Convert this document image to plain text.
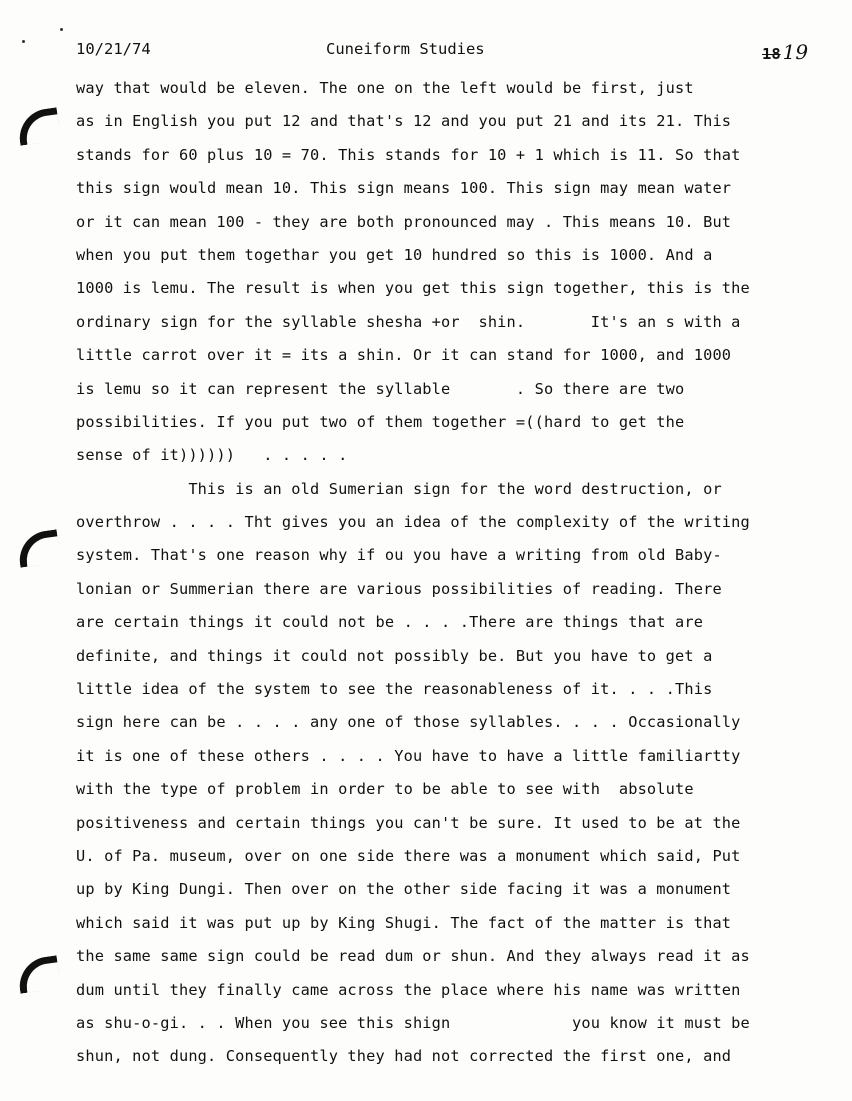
10/21/74	Cuneiform Studies	18 19
way that would be eleven. The one on the left would be first, just
as in English you put 12 and that's 12 and you put 21 and its 21. This
stands for 60 plus 10 = 70. This stands for 10 + 1 which is 11. So that
this sign would mean 10. This sign means 100. This sign may mean water
or it can mean 100 - they are both pronounced may . This means 10. But
when you put them togethar you get 10 hundred so this is 1000. And a
1000 is lemu. The result is when you get this sign together, this is the
ordinary sign for the syllable shesha +or  shin.       It's an s with a
little carrot over it = its a shin. Or it can stand for 1000, and 1000
is lemu so it can represent the syllable       . So there are two
possibilities. If you put two of them together =((hard to get the
sense of it))))))   . . . . .
This is an old Sumerian sign for the word destruction, or
overthrow . . . . Tht gives you an idea of the complexity of the writing
system. That's one reason why if ou you have a writing from old Baby-
lonian or Summerian there are various possibilities of reading. There
are certain things it could not be . . . .There are things that are
definite, and things it could not possibly be. But you have to get a
little idea of the system to see the reasonableness of it. . . .This
sign here can be . . . . any one of those syllables. . . . Occasionally
it is one of these others . . . . You have to have a little familiartty
with the type of problem in order to be able to see with  absolute
positiveness and certain things you can't be sure. It used to be at the
U. of Pa. museum, over on one side there was a monument which said, Put
up by King Dungi. Then over on the other side facing it was a monument
which said it was put up by King Shugi. The fact of the matter is that
the same same sign could be read dum or shun. And they always read it as
dum until they finally came across the place where his name was written
as shu-o-gi. . . When you see this shign             you know it must be
shun, not dung. Consequently they had not corrected the first one, and
